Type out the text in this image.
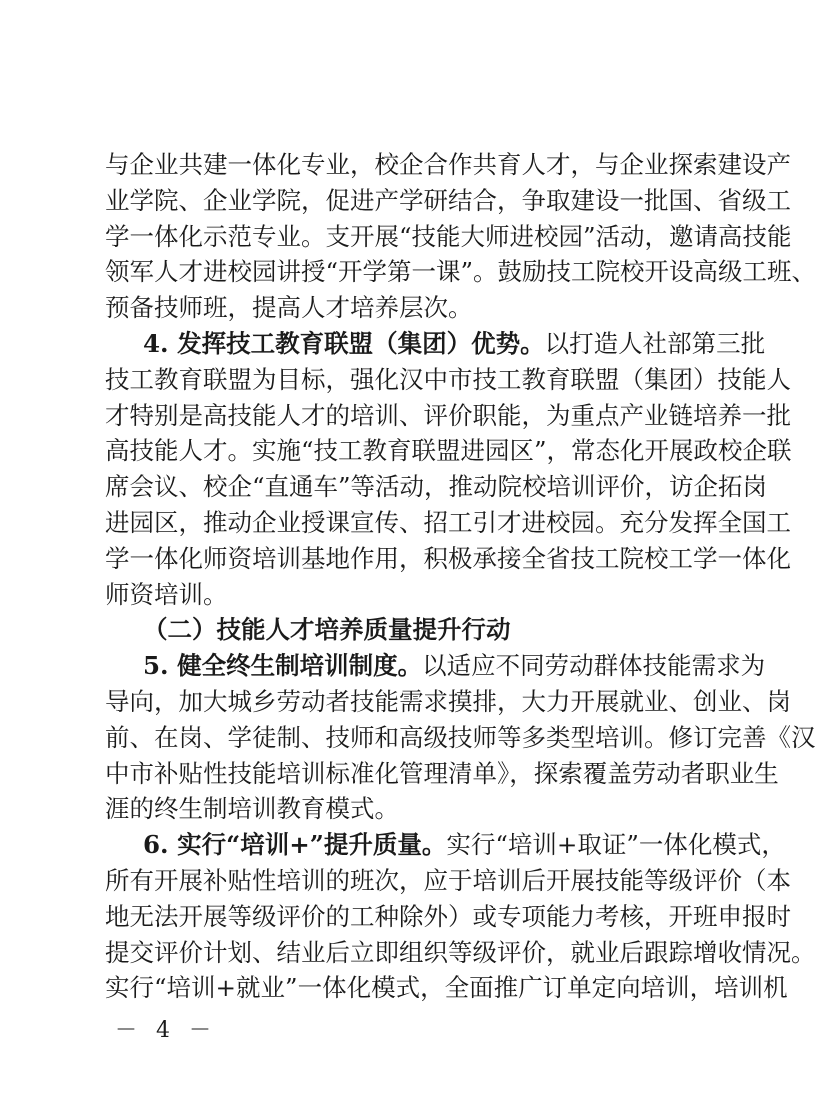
与企业共建一体化专业，校企合作共育人才，与企业探索建设产
业学院、企业学院，促进产学研结合，争取建设一批国、省级工
学一体化示范专业。支开展“技能大师进校园”活动，邀请高技能
领军人才进校园讲授“开学第一课”。鼓励技工院校开设高级工班、
预备技师班，提高人才培养层次。
4. 发挥技工教育联盟（集团）优势。以打造人社部第三批
技工教育联盟为目标，强化汉中市技工教育联盟（集团）技能人
才特别是高技能人才的培训、评价职能，为重点产业链培养一批
高技能人才。实施“技工教育联盟进园区”，常态化开展政校企联
席会议、校企“直通车”等活动，推动院校培训评价，访企拓岗
进园区，推动企业授课宣传、招工引才进校园。充分发挥全国工
学一体化师资培训基地作用，积极承接全省技工院校工学一体化
师资培训。
（二）技能人才培养质量提升行动
5. 健全终生制培训制度。以适应不同劳动群体技能需求为
导向，加大城乡劳动者技能需求摸排，大力开展就业、创业、岗
前、在岗、学徒制、技师和高级技师等多类型培训。修订完善《汉
中市补贴性技能培训标准化管理清单》，探索覆盖劳动者职业生
涯的终生制培训教育模式。
6. 实行“培训+”提升质量。实行“培训+取证”一体化模式，
所有开展补贴性培训的班次，应于培训后开展技能等级评价（本
地无法开展等级评价的工种除外）或专项能力考核，开班申报时
提交评价计划、结业后立即组织等级评价，就业后跟踪增收情况。
－ 4 －
实行“培训+就业”一体化模式，全面推广订单定向培训，培训机
